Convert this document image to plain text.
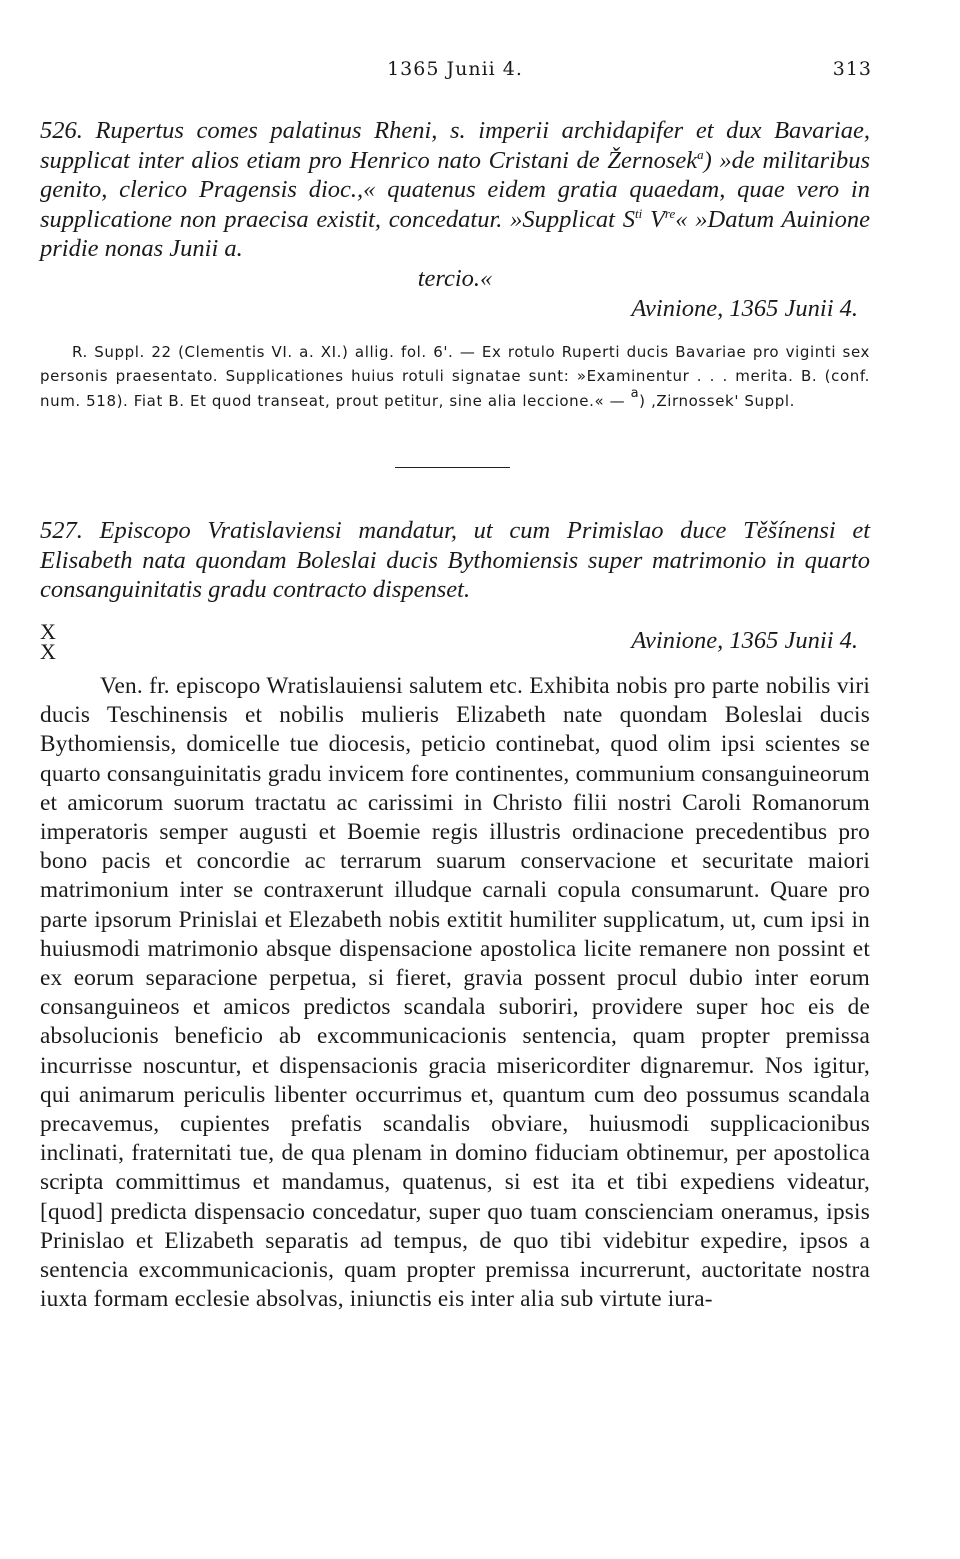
1365 Junii 4.	313
526. Rupertus comes palatinus Rheni, s. imperii archidapifer et dux Bavariae, supplicat inter alios etiam pro Henrico nato Cristani de Žernosek$^a$) »de militaribus genito, clerico Pragensis dioc.,« quatenus eidem gratia quaedam, quae vero in supplicatione non praecisa existit, concedatur. »Supplicat $S^{ti}$ Vre« »Datum Auinione pridie nonas Junii a.
tercio.«
Avinione, 1365 Junii 4.
R. Suppl. 22 (Clementis VI. a. XI.) allig. fol. 6'. — Ex rotulo Ruperti ducis Bavariae pro viginti sex personis praesentato. Supplicationes huius rotuli signatae sunt: »Examinentur . . . merita. B. (conf. num. 518). Fiat B. Et quod transeat, prout petitur, sine alia leccione.« — $^a$) ‚Zirnossek' Suppl.
527. Episcopo Vratislaviensi mandatur, ut cum Primislao duce Těšínensi et Elisabeth nata quondam Boleslai ducis Bythomiensis super matrimonio in quarto consanguinitatis gradu contracto dispenset.
X
X	Avinione, 1365 Junii 4.

Ven. fr. episcopo Wratislauiensi salutem etc. Exhibita nobis pro parte nobilis viri ducis Teschinensis et nobilis mulieris Elizabeth nate quondam Boleslai ducis Bythomiensis, domicelle tue diocesis, peticio continebat, quod olim ipsi scientes se quarto consanguinitatis gradu invicem fore continentes, communium consanguineorum et amicorum suorum tractatu ac carissimi in Christo filii nostri Caroli Romanorum imperatoris semper augusti et Boemie regis illustris ordinacione precedentibus pro bono pacis et concordie ac terrarum suarum conservacione et securitate maiori matrimonium inter se contraxerunt illudque carnali copula consumarunt. Quare pro parte ipsorum Prinislai et Elezabeth nobis extitit humiliter supplicatum, ut, cum ipsi in huiusmodi matrimonio absque dispensacione apostolica licite remanere non possint et ex eorum separacione perpetua, si fieret, gravia possent procul dubio inter eorum consanguineos et amicos predictos scandala suboriri, providere super hoc eis de absolucionis beneficio ab excommunicacionis sentencia, quam propter premissa incurrisse noscuntur, et dispensacionis gracia misericorditer dignaremur. Nos igitur, qui animarum periculis libenter occurrimus et, quantum cum deo possumus scandala precavemus, cupientes prefatis scandalis obviare, huiusmodi supplicacionibus inclinati, fraternitati tue, de qua plenam in domino fiduciam obtinemur, per apostolica scripta committimus et mandamus, quatenus, si est ita et tibi expediens videatur, [quod] predicta dispensacio concedatur, super quo tuam conscienciam oneramus, ipsis Prinislao et Elizabeth separatis ad tempus, de quo tibi videbitur expedire, ipsos a sentencia excommunicacionis, quam propter premissa incurrerunt, auctoritate nostra iuxta formam ecclesie absolvas, iniunctis eis inter alia sub virtute iura-
